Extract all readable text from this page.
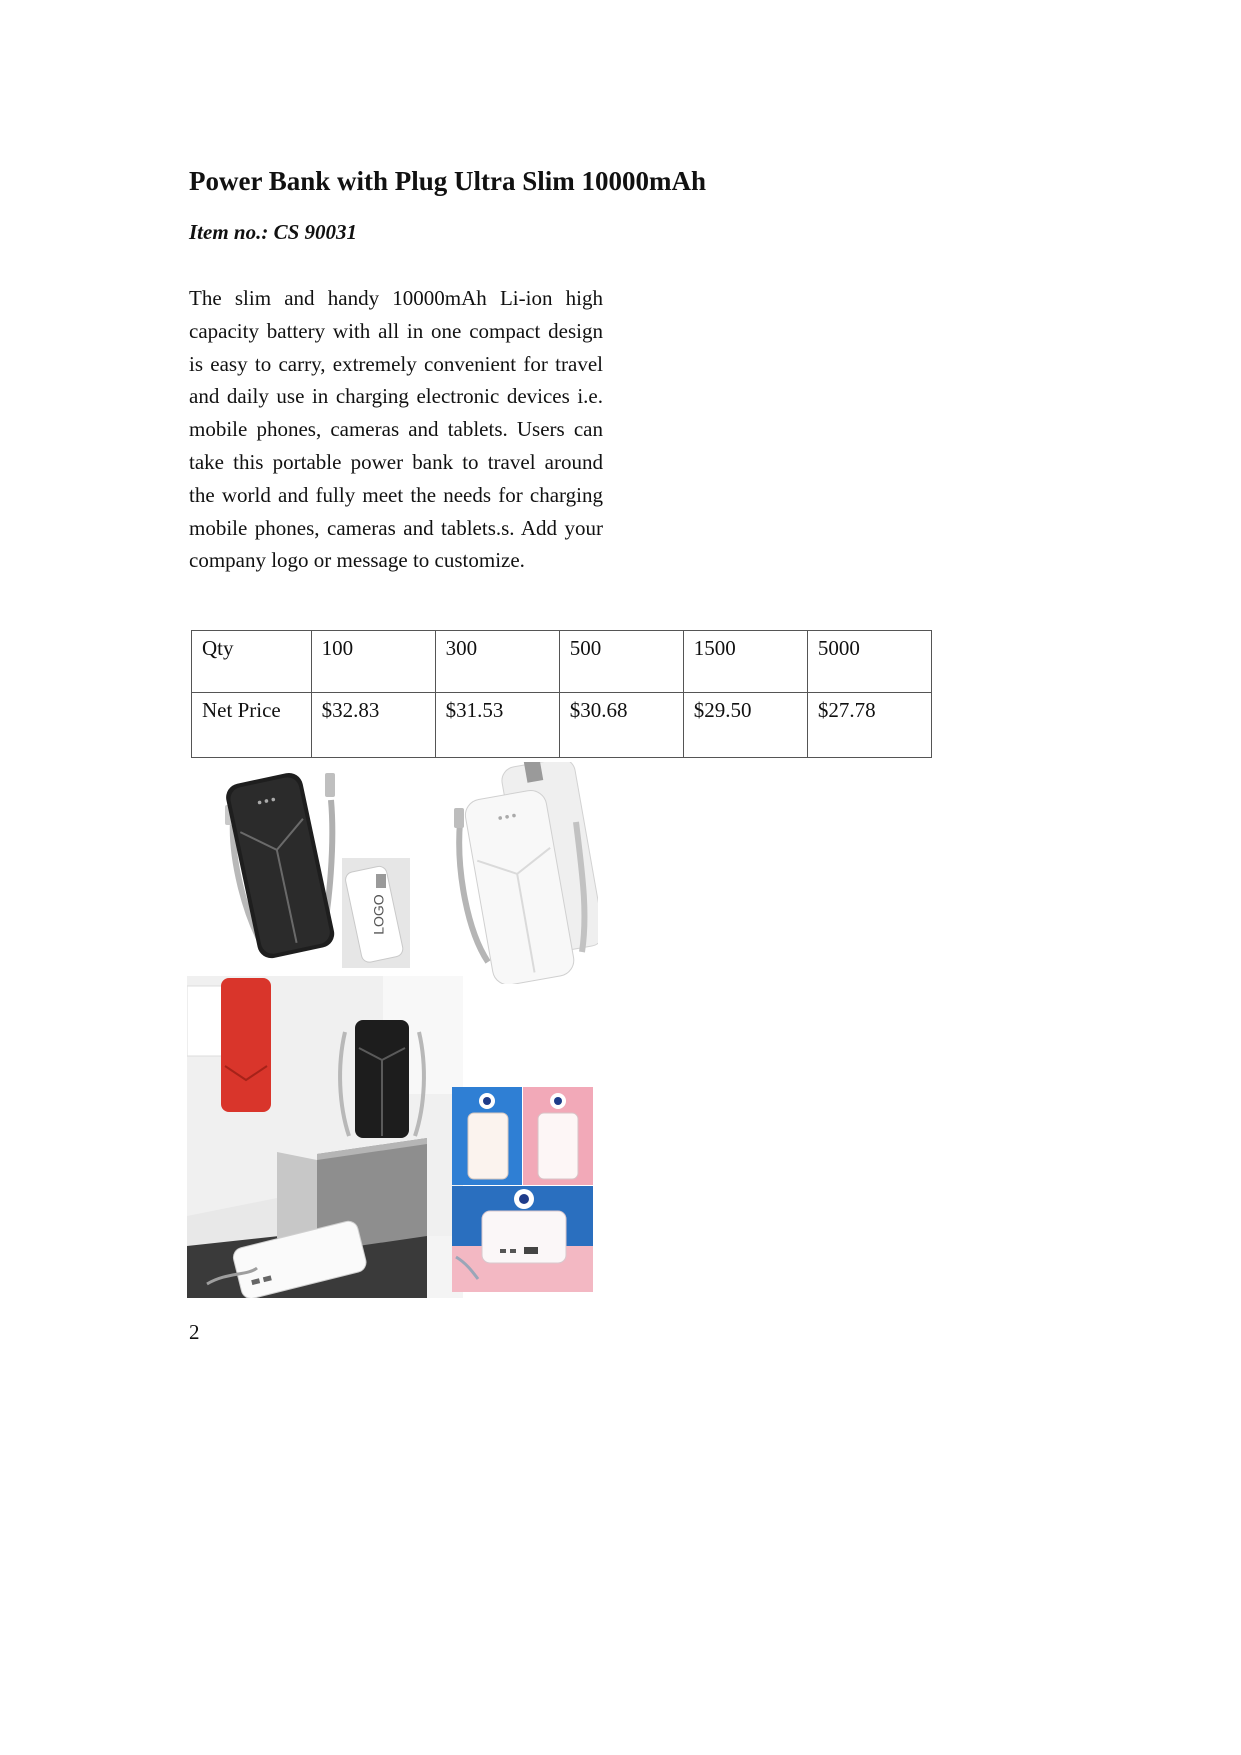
Power Bank with Plug Ultra Slim 10000mAh
Item no.: CS 90031

The slim and handy 10000mAh Li-ion high capacity battery with all in one compact design is easy to carry, extremely convenient for travel and daily use in charging electronic devices i.e. mobile phones, cameras and tablets. Users can take this portable power bank to travel around the world and fully meet the needs for charging mobile phones, cameras and tablets.s. Add your company logo or message to customize.

Qty	100	300	500	1500	5000
Net Price	$32.83	$31.53	$30.68	$29.50	$27.78
LOGO
2
